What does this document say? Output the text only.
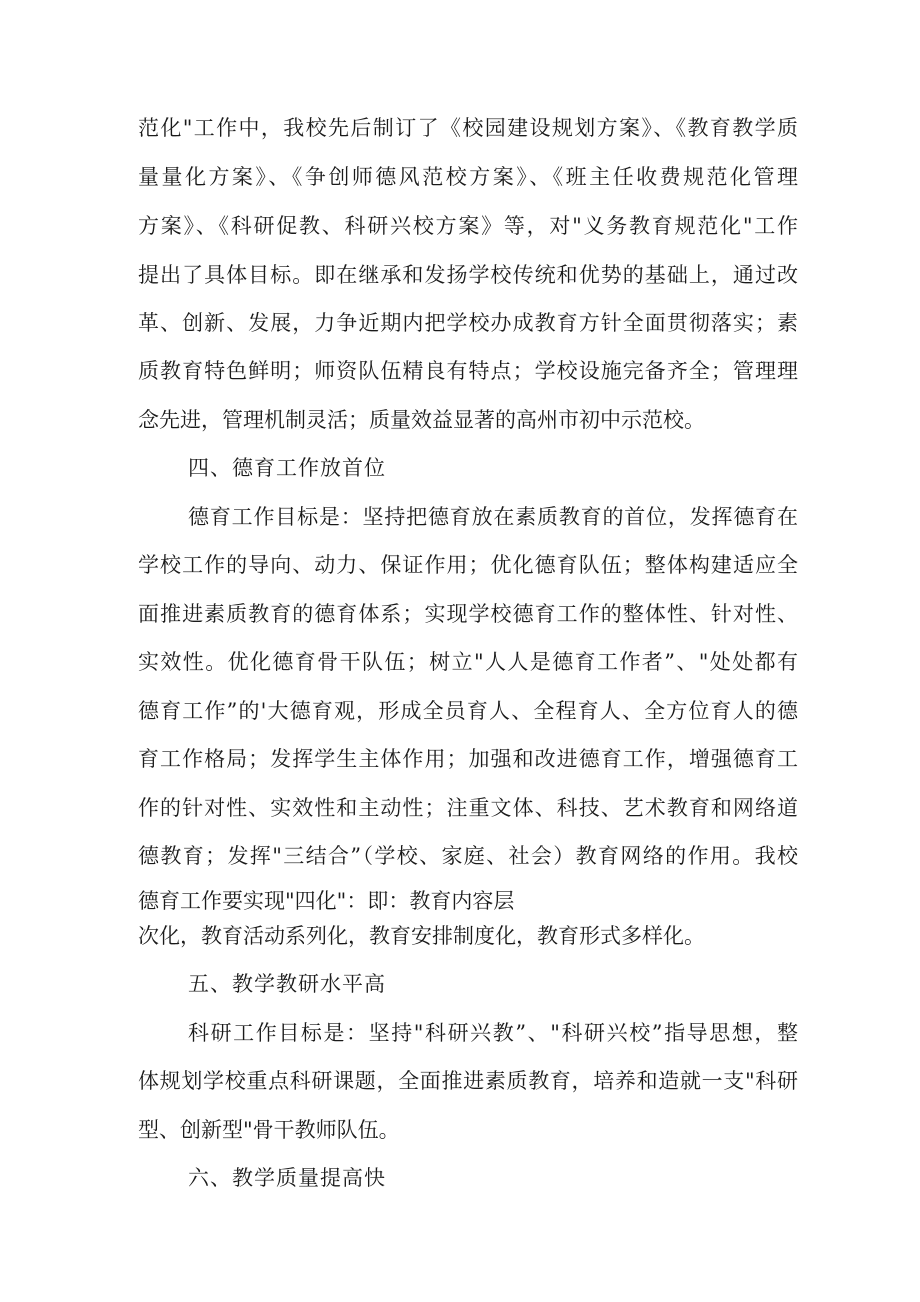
范化"工作中，我校先后制订了《校园建设规划方案》、《教育教学质
量量化方案》、《争创师德风范校方案》、《班主任收费规范化管理
方案》、《科研促教、科研兴校方案》等，对"义务教育规范化"工作
提出了具体目标。即在继承和发扬学校传统和优势的基础上，通过改
革、创新、发展，力争近期内把学校办成教育方针全面贯彻落实；素
质教育特色鲜明；师资队伍精良有特点；学校设施完备齐全；管理理
念先进，管理机制灵活；质量效益显著的高州市初中示范校。
四、德育工作放首位
德育工作目标是：坚持把德育放在素质教育的首位，发挥德育在
学校工作的导向、动力、保证作用；优化德育队伍；整体构建适应全
面推进素质教育的德育体系；实现学校德育工作的整体性、针对性、
实效性。优化德育骨干队伍；树立"人人是德育工作者”、"处处都有
德育工作”的'大德育观，形成全员育人、全程育人、全方位育人的德
育工作格局；发挥学生主体作用；加强和改进德育工作，增强德育工
作的针对性、实效性和主动性；注重文体、科技、艺术教育和网络道
德教育；发挥"三结合”（学校、家庭、社会）教育网络的作用。我校
德育工作要实现"四化"：即：教育内容层
次化，教育活动系列化，教育安排制度化，教育形式多样化。
五、教学教研水平高
科研工作目标是：坚持"科研兴教”、"科研兴校”指导思想，整
体规划学校重点科研课题，全面推进素质教育，培养和造就一支"科研
型、创新型"骨干教师队伍。
六、教学质量提高快
